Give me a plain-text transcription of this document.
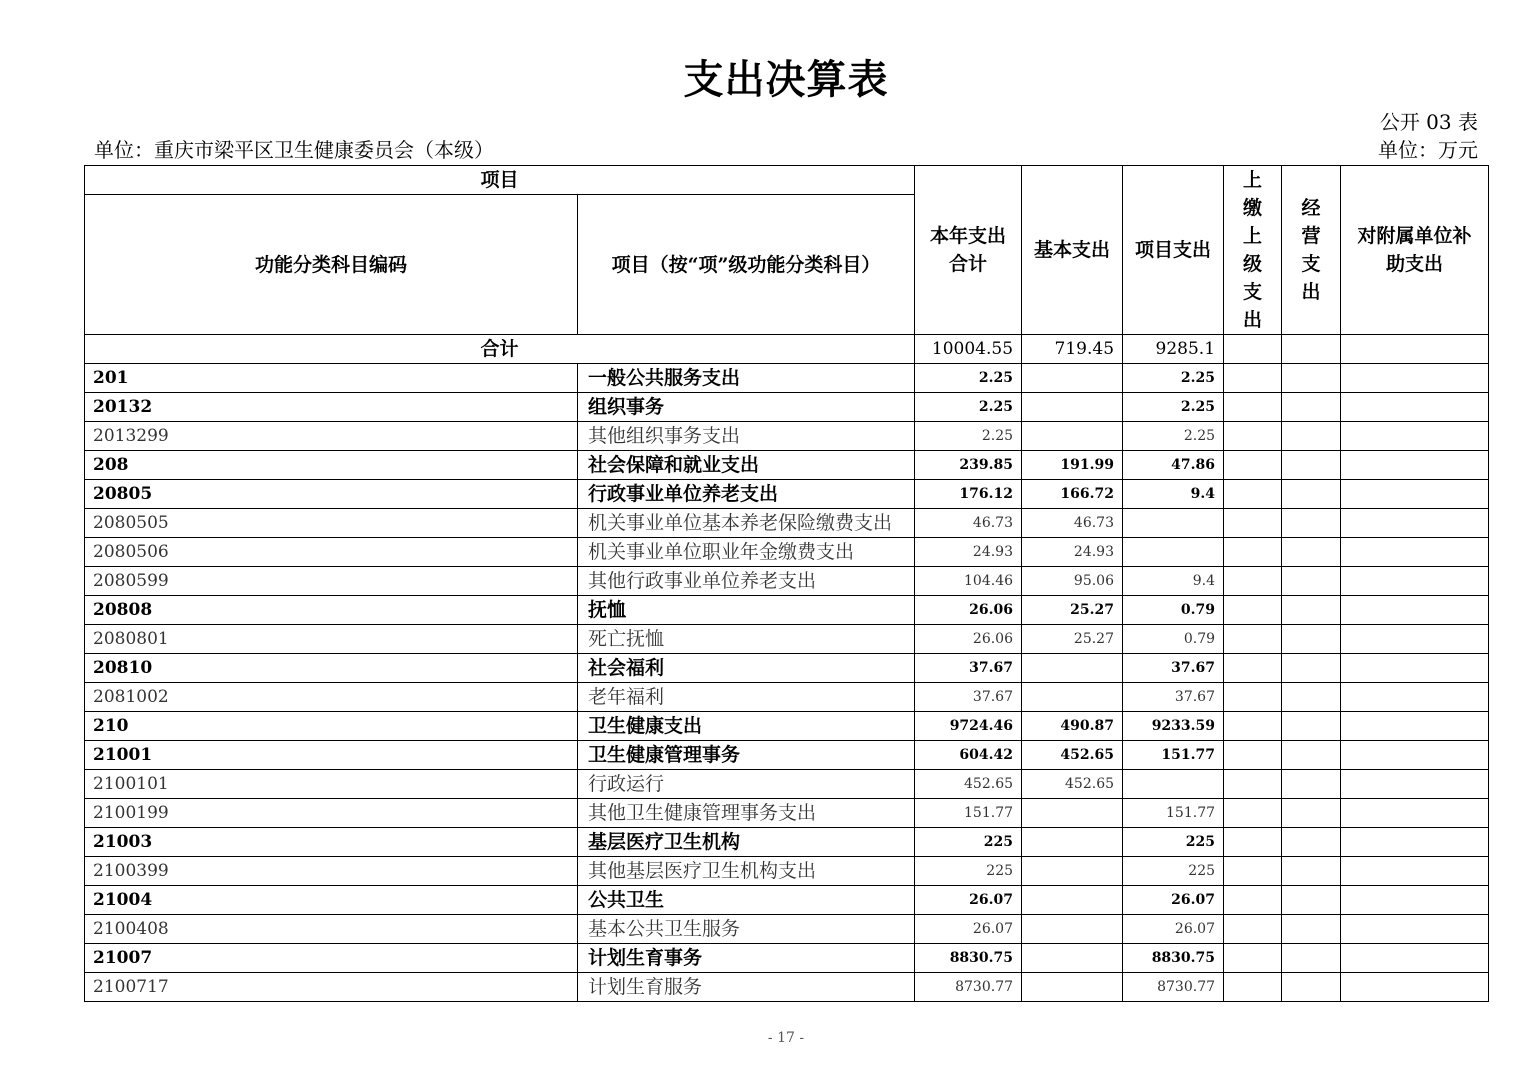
支出决算表
公开 03 表
单位：重庆市梁平区卫生健康委员会（本级）	单位：万元
项目		本年支出合计	基本支出	项目支出	上缴上级支出	经营支出	对附属单位补助支出
功能分类科目编码	项目（按“项”级功能分类科目）						
合计		10004.55	719.45	9285.1			
201	一般公共服务支出	2.25		2.25			
20132	组织事务	2.25		2.25			
2013299	其他组织事务支出	2.25		2.25			
208	社会保障和就业支出	239.85	191.99	47.86			
20805	行政事业单位养老支出	176.12	166.72	9.4			
2080505	机关事业单位基本养老保险缴费支出	46.73	46.73				
2080506	机关事业单位职业年金缴费支出	24.93	24.93				
2080599	其他行政事业单位养老支出	104.46	95.06	9.4			
20808	抚恤	26.06	25.27	0.79			
2080801	死亡抚恤	26.06	25.27	0.79			
20810	社会福利	37.67		37.67			
2081002	老年福利	37.67		37.67			
210	卫生健康支出	9724.46	490.87	9233.59			
21001	卫生健康管理事务	604.42	452.65	151.77			
2100101	行政运行	452.65	452.65				
2100199	其他卫生健康管理事务支出	151.77		151.77			
21003	基层医疗卫生机构	225		225			
2100399	其他基层医疗卫生机构支出	225		225			
21004	公共卫生	26.07		26.07			
2100408	基本公共卫生服务	26.07		26.07			
21007	计划生育事务	8830.75		8830.75			
2100717	计划生育服务	8730.77		8730.77			
- 17 -
